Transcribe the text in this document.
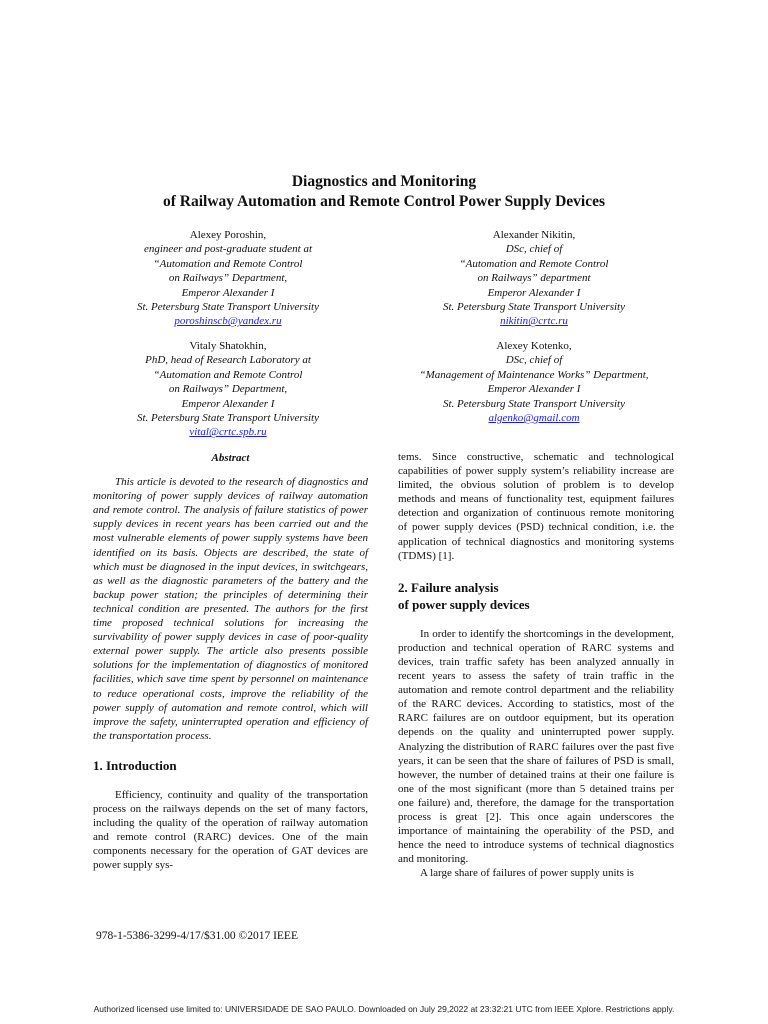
Diagnostics and Monitoring
of Railway Automation and Remote Control Power Supply Devices
Alexey Poroshin,
engineer and post-graduate student at
“Automation and Remote Control
on Railways” Department,
Emperor Alexander I
St. Petersburg State Transport University
poroshinscb@yandex.ru
Alexander Nikitin,
DSc, chief of
“Automation and Remote Control
on Railways” department
Emperor Alexander I
St. Petersburg State Transport University
nikitin@crtc.ru
Vitaly Shatokhin,
PhD, head of Research Laboratory at
“Automation and Remote Control
on Railways” Department,
Emperor Alexander I
St. Petersburg State Transport University
vital@crtc.spb.ru
Alexey Kotenko,
DSc, chief of
“Management of Maintenance Works” Department,
Emperor Alexander I
St. Petersburg State Transport University
algenko@gmail.com
Abstract

This article is devoted to the research of diagnostics and monitoring of power supply devices of railway automation and remote control. The analysis of failure statistics of power supply devices in recent years has been carried out and the most vulnerable elements of power supply systems have been identified on its basis. Objects are described, the state of which must be diagnosed in the input devices, in switchgears, as well as the diagnostic parameters of the battery and the backup power station; the principles of determining their technical condition are presented. The authors for the first time proposed technical solutions for increasing the survivability of power supply devices in case of poor-quality external power supply. The article also presents possible solutions for the implementation of diagnostics of monitored facilities, which save time spent by personnel on maintenance to reduce operational costs, improve the reliability of the power supply of automation and remote control, which will improve the safety, uninterrupted operation and efficiency of the transportation process.

1. Introduction

Efficiency, continuity and quality of the transportation process on the railways depends on the set of many factors, including the quality of the operation of railway automation and remote control (RARC) devices. One of the main components necessary for the operation of GAT devices are power supply sys-

tems. Since constructive, schematic and technological capabilities of power supply system’s reliability increase are limited, the obvious solution of problem is to develop methods and means of functionality test, equipment failures detection and organization of continuous remote monitoring of power supply devices (PSD) technical condition, i.e. the application of technical diagnostics and monitoring systems (TDMS) [1].

2. Failure analysis
of power supply devices

In order to identify the shortcomings in the development, production and technical operation of RARC systems and devices, train traffic safety has been analyzed annually in recent years to assess the safety of train traffic in the automation and remote control department and the reliability of the RARC devices. According to statistics, most of the RARC failures are on outdoor equipment, but its operation depends on the quality and uninterrupted power supply. Analyzing the distribution of RARC failures over the past five years, it can be seen that the share of failures of PSD is small, however, the number of detained trains at their one failure is one of the most significant (more than 5 detained trains per one failure) and, therefore, the damage for the transportation process is great [2]. This once again underscores the importance of maintaining the operability of the PSD, and hence the need to introduce systems of technical diagnostics and monitoring.

A large share of failures of power supply units is

978-1-5386-3299-4/17/$31.00 ©2017 IEEE
Authorized licensed use limited to: UNIVERSIDADE DE SAO PAULO. Downloaded on July 29,2022 at 23:32:21 UTC from IEEE Xplore. Restrictions apply.
